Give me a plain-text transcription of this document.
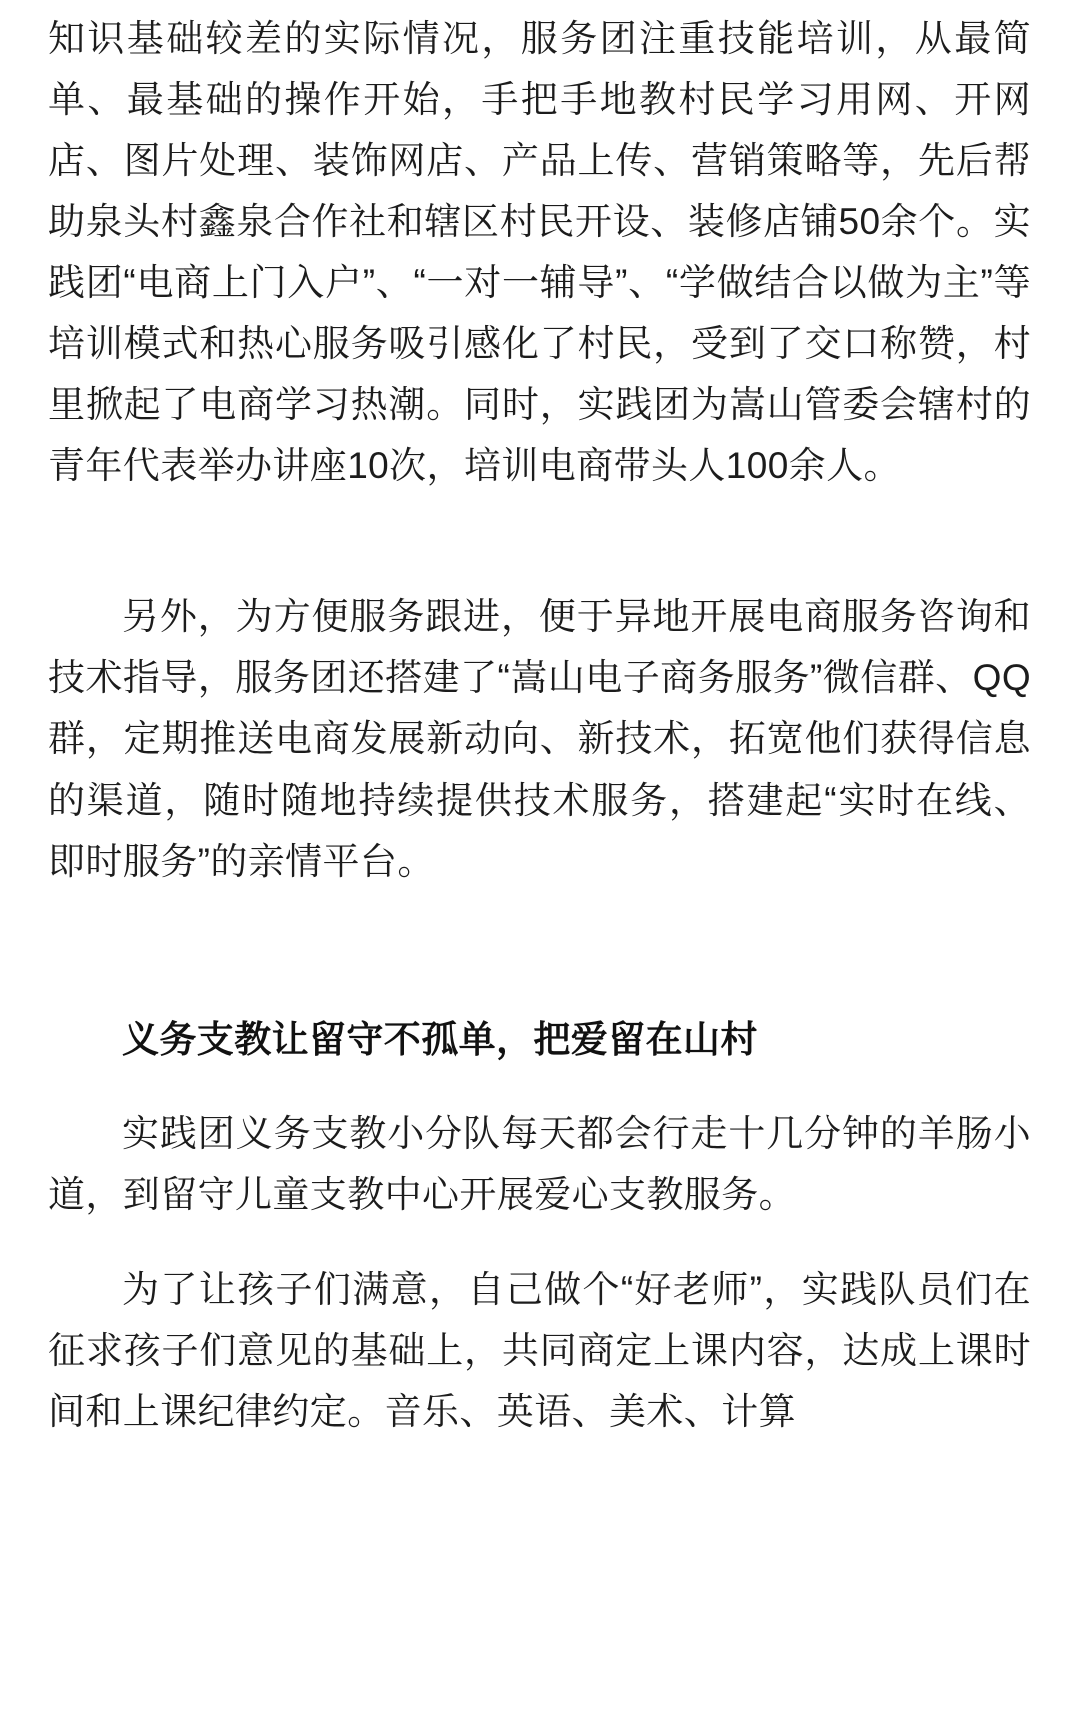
知识基础较差的实际情况，服务团注重技能培训，从最简单、最基础的操作开始，手把手地教村民学习用网、开网店、图片处理、装饰网店、产品上传、营销策略等，先后帮助泉头村鑫泉合作社和辖区村民开设、装修店铺50余个。实践团“电商上门入户”、“一对一辅导”、“学做结合以做为主”等培训模式和热心服务吸引感化了村民，受到了交口称赞，村里掀起了电商学习热潮。同时，实践团为嵩山管委会辖村的青年代表举办讲座10次，培训电商带头人100余人。

另外，为方便服务跟进，便于异地开展电商服务咨询和技术指导，服务团还搭建了“嵩山电子商务服务”微信群、QQ群，定期推送电商发展新动向、新技术，拓宽他们获得信息的渠道，随时随地持续提供技术服务，搭建起“实时在线、即时服务”的亲情平台。

义务支教让留守不孤单，把爱留在山村

实践团义务支教小分队每天都会行走十几分钟的羊肠小道，到留守儿童支教中心开展爱心支教服务。

为了让孩子们满意，自己做个“好老师”，实践队员们在征求孩子们意见的基础上，共同商定上课内容，达成上课时间和上课纪律约定。音乐、英语、美术、计算
